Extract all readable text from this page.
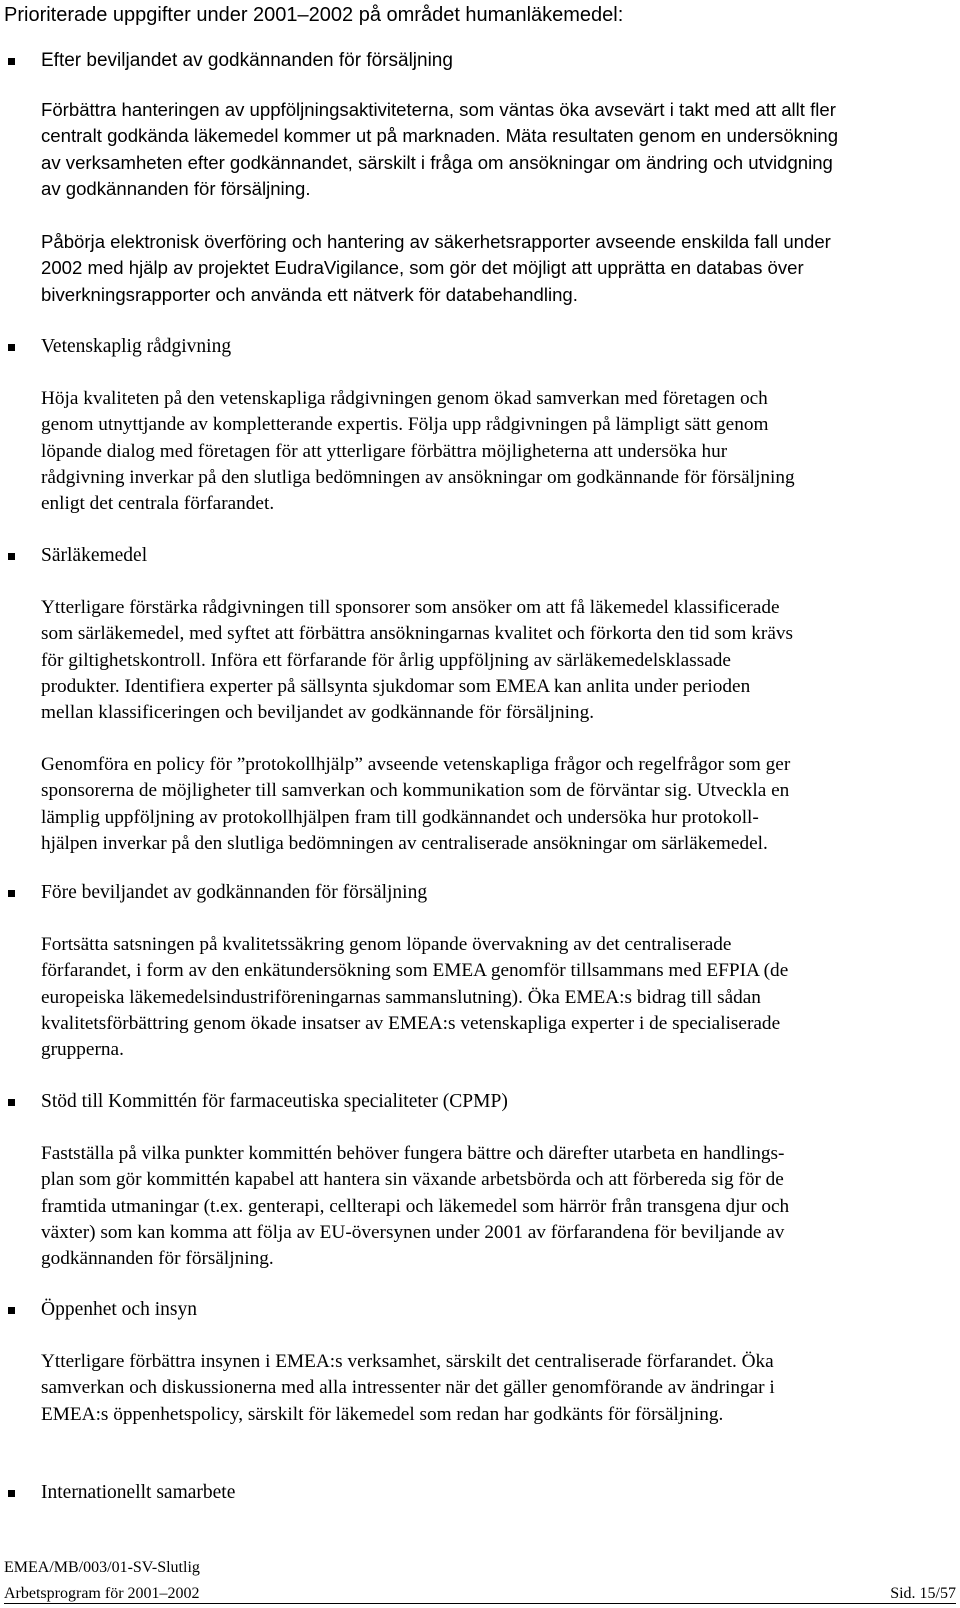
Prioriterade uppgifter under 2001–2002 på området humanläkemedel:
Efter beviljandet av godkännanden för försäljning
Förbättra hanteringen av uppföljningsaktiviteterna, som väntas öka avsevärt i takt med att allt fler
centralt godkända läkemedel kommer ut på marknaden. Mäta resultaten genom en undersökning
av verksamheten efter godkännandet, särskilt i fråga om ansökningar om ändring och utvidgning
av godkännanden för försäljning.
Påbörja elektronisk överföring och hantering av säkerhetsrapporter avseende enskilda fall under
2002 med hjälp av projektet EudraVigilance, som gör det möjligt att upprätta en databas över
biverkningsrapporter och använda ett nätverk för databehandling.
Vetenskaplig rådgivning
Höja kvaliteten på den vetenskapliga rådgivningen genom ökad samverkan med företagen och
genom utnyttjande av kompletterande expertis. Följa upp rådgivningen på lämpligt sätt genom
löpande dialog med företagen för att ytterligare förbättra möjligheterna att undersöka hur
rådgivning inverkar på den slutliga bedömningen av ansökningar om godkännande för försäljning
enligt det centrala förfarandet.
Särläkemedel
Ytterligare förstärka rådgivningen till sponsorer som ansöker om att få läkemedel klassificerade
som särläkemedel, med syftet att förbättra ansökningarnas kvalitet och förkorta den tid som krävs
för giltighetskontroll. Införa ett förfarande för årlig uppföljning av särläkemedelsklassade
produkter. Identifiera experter på sällsynta sjukdomar som EMEA kan anlita under perioden
mellan klassificeringen och beviljandet av godkännande för försäljning.
Genomföra en policy för ”protokollhjälp” avseende vetenskapliga frågor och regelfrågor som ger
sponsorerna de möjligheter till samverkan och kommunikation som de förväntar sig. Utveckla en
lämplig uppföljning av protokollhjälpen fram till godkännandet och undersöka hur protokoll-
hjälpen inverkar på den slutliga bedömningen av centraliserade ansökningar om särläkemedel.
Före beviljandet av godkännanden för försäljning
Fortsätta satsningen på kvalitetssäkring genom löpande övervakning av det centraliserade
förfarandet, i form av den enkätundersökning som EMEA genomför tillsammans med EFPIA (de
europeiska läkemedelsindustriföreningarnas sammanslutning). Öka EMEA:s bidrag till sådan
kvalitetsförbättring genom ökade insatser av EMEA:s vetenskapliga experter i de specialiserade
grupperna.
Stöd till Kommittén för farmaceutiska specialiteter (CPMP)
Fastställa på vilka punkter kommittén behöver fungera bättre och därefter utarbeta en handlings-
plan som gör kommittén kapabel att hantera sin växande arbetsbörda och att förbereda sig för de
framtida utmaningar (t.ex. genterapi, cellterapi och läkemedel som härrör från transgena djur och
växter) som kan komma att följa av EU-översynen under 2001 av förfarandena för beviljande av
godkännanden för försäljning.
Öppenhet och insyn
Ytterligare förbättra insynen i EMEA:s verksamhet, särskilt det centraliserade förfarandet. Öka
samverkan och diskussionerna med alla intressenter när det gäller genomförande av ändringar i
EMEA:s öppenhetspolicy, särskilt för läkemedel som redan har godkänts för försäljning.
Internationellt samarbete
EMEA/MB/003/01-SV-Slutlig
Arbetsprogram för 2001–2002	Sid. 15/57
